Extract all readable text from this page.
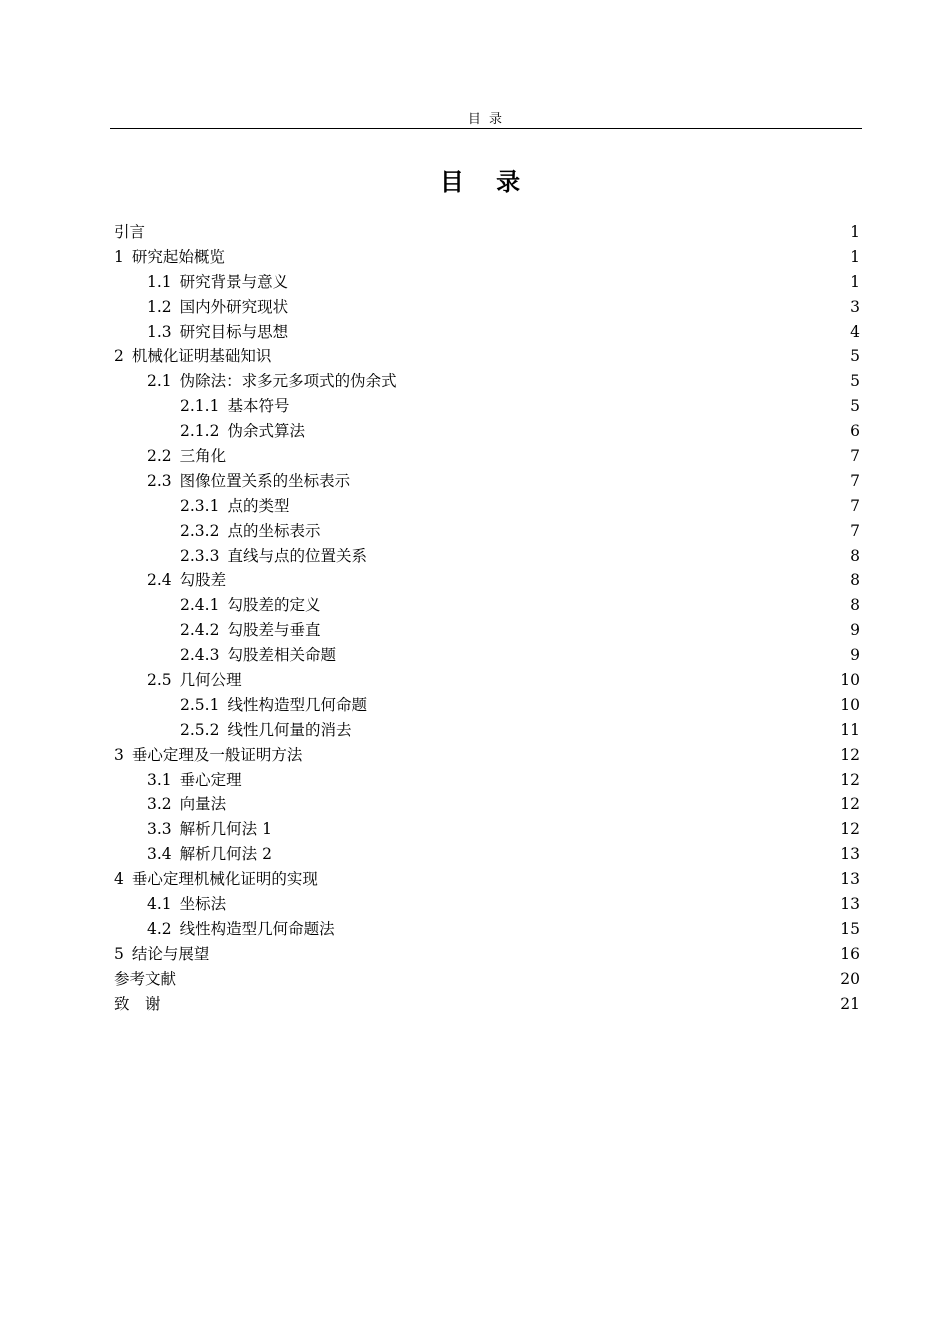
目 录
目 录
引言	1
1 研究起始概览	1
1.1 研究背景与意义	1
1.2 国内外研究现状	3
1.3 研究目标与思想	4
2 机械化证明基础知识	5
2.1 伪除法：求多元多项式的伪余式	5
2.1.1 基本符号	5
2.1.2 伪余式算法	6
2.2 三角化	7
2.3 图像位置关系的坐标表示	7
2.3.1 点的类型	7
2.3.2 点的坐标表示	7
2.3.3 直线与点的位置关系	8
2.4 勾股差	8
2.4.1 勾股差的定义	8
2.4.2 勾股差与垂直	9
2.4.3 勾股差相关命题	9
2.5 几何公理	10
2.5.1 线性构造型几何命题	10
2.5.2 线性几何量的消去	11
3 垂心定理及一般证明方法	12
3.1 垂心定理	12
3.2 向量法	12
3.3 解析几何法 1	12
3.4 解析几何法 2	13
4 垂心定理机械化证明的实现	13
4.1 坐标法	13
4.2 线性构造型几何命题法	15
5 结论与展望	16
参考文献	20
致　谢	21
